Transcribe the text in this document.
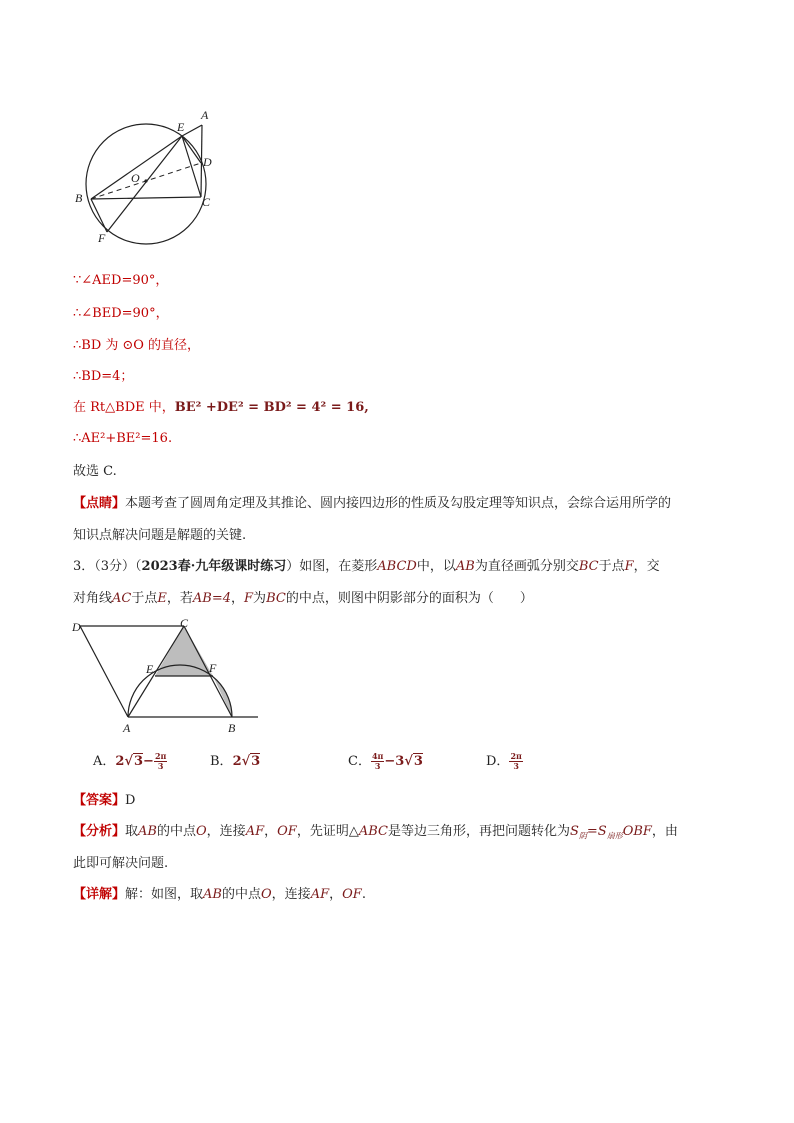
A
E
D
O
B	C
F
∵∠AED=90°，
∴∠BED=90°，
∴BD 为 ⊙O 的直径，
∴BD=4；
在 Rt△BDE 中，BE² +DE² = BD² = 4² = 16,
∴AE²+BE²=16.
故选 C.
【点睛】本题考查了圆周角定理及其推论、圆内接四边形的性质及勾股定理等知识点，会综合运用所学的
知识点解决问题是解题的关键.
3．（3分）（2023春·九年级课时练习）如图，在菱形ABCD中，以AB为直径画弧分别交BC于点F，交
对角线AC于点E，若AB=4，F为BC的中点，则图中阴影部分的面积为（　　）
D	C
E	F
A	B
A．$2√3- \frac{2\pi}{3}$	B．2√3	C． $\frac{4\pi}{3} -3√3$	D． $\frac{2\pi}{3}$
【答案】D
【分析】取AB的中点O，连接AF，OF，先证明△ABC是等边三角形，再把问题转化为$S_阴=S_{扇形}OBF$，由
此即可解决问题.
【详解】解：如图，取AB的中点O，连接AF，OF.
